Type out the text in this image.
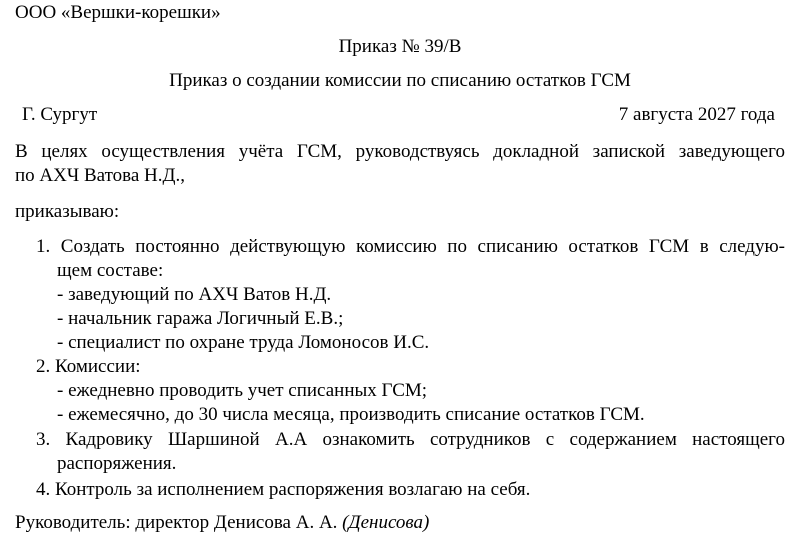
ООО «Вершки-корешки»
Приказ № 39/В
Приказ о создании комиссии по списанию остатков ГСМ
Г. Сургут	7 августа 2027 года
В целях осуществления учёта ГСМ, руководствуясь докладной запиской заведующего
по АХЧ Ватова Н.Д.,
приказываю:
1. Создать постоянно действующую комиссию по списанию остатков ГСМ в следую-
щем составе:
- заведующий по АХЧ Ватов Н.Д.
- начальник гаража Логичный Е.В.;
- специалист по охране труда Ломоносов И.С.
2. Комиссии:
- ежедневно проводить учет списанных ГСМ;
- ежемесячно, до 30 числа месяца, производить списание остатков ГСМ.
3. Кадровику Шаршиной А.А ознакомить сотрудников с содержанием настоящего
распоряжения.
4. Контроль за исполнением распоряжения возлагаю на себя.
Руководитель: директор Денисова А. А. (Денисова)
